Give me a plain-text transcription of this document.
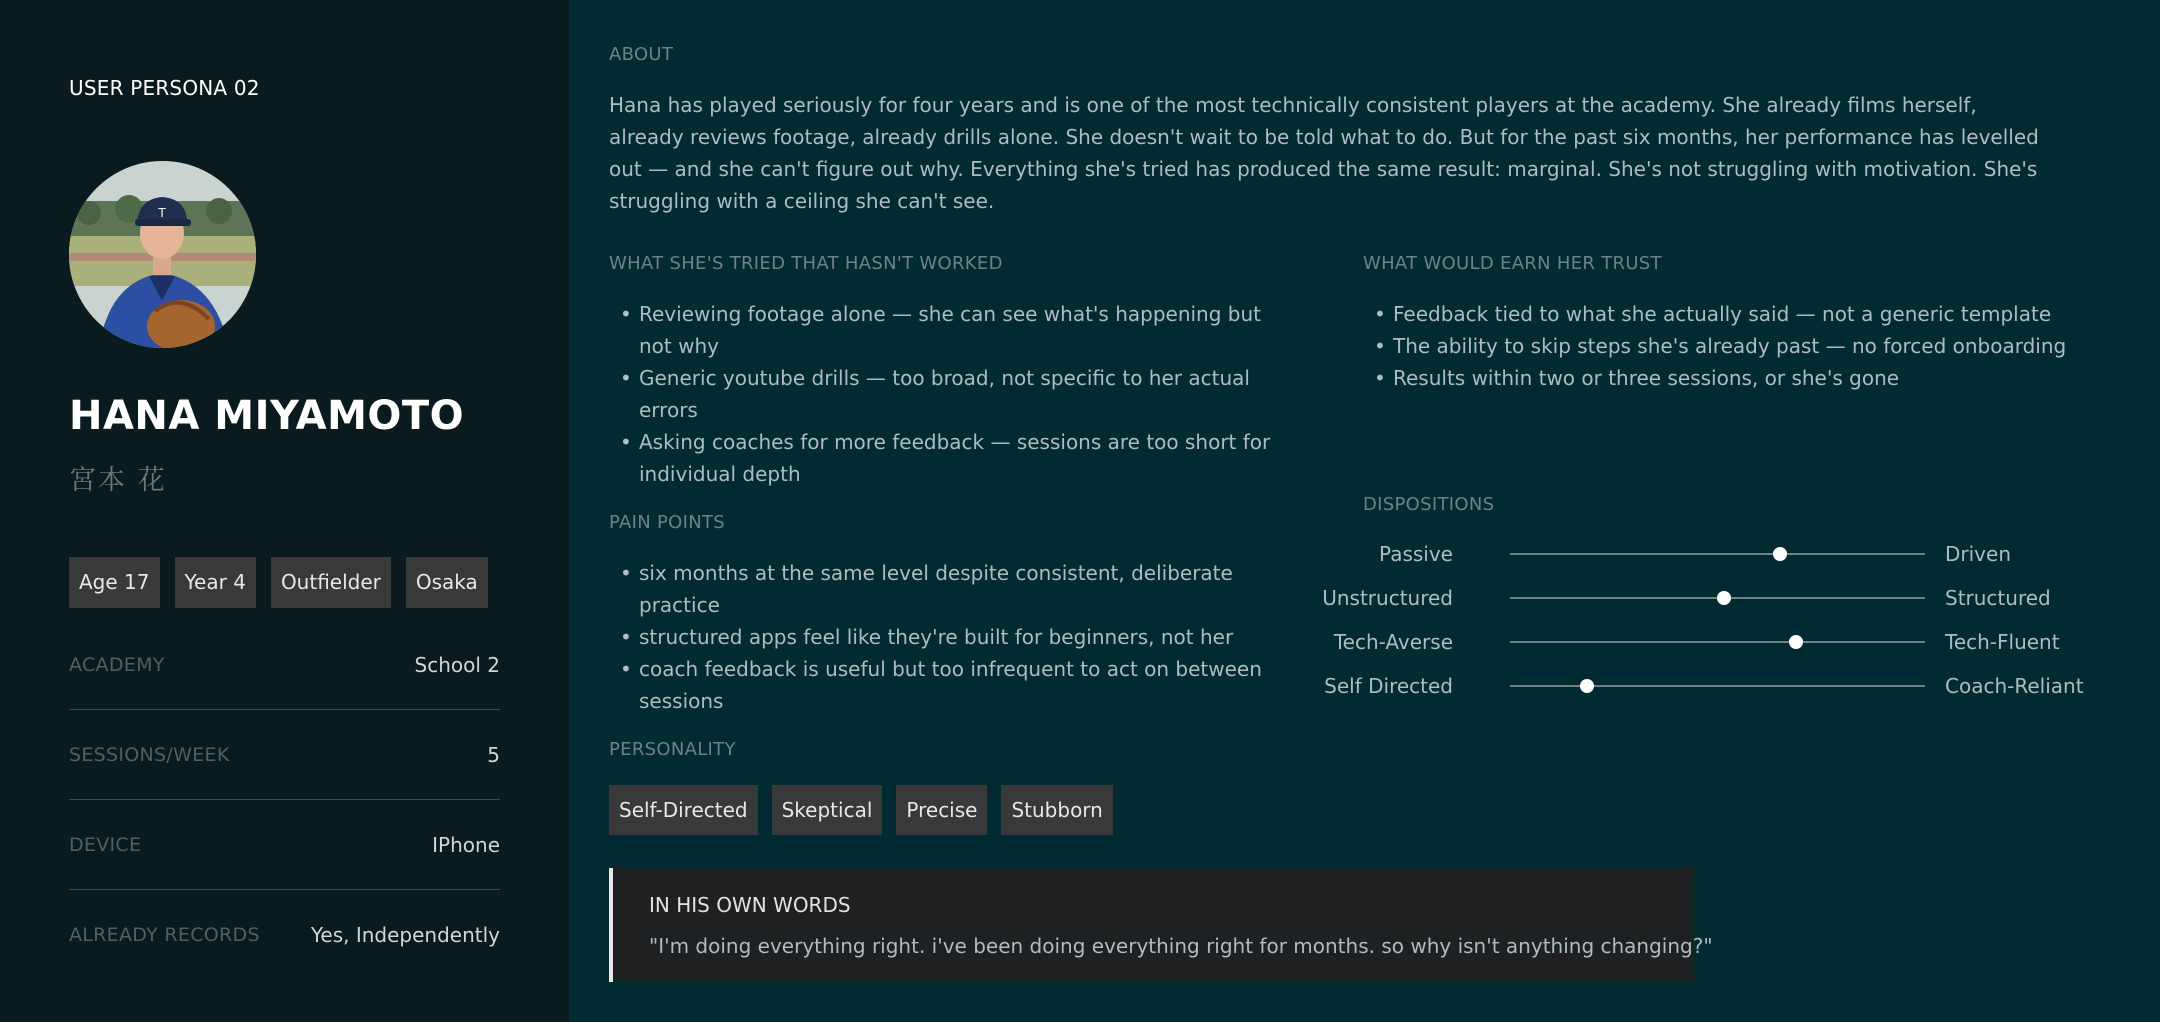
USER PERSONA 02
T
HANA MIYAMOTO
宮本 花
Age 17	Year 4	Outfielder	Osaka
ACADEMY	School 2
SESSIONS/WEEK	5
DEVICE	IPhone
ALREADY RECORDS	Yes, Independently
ABOUT

Hana has played seriously for four years and is one of the most technically consistent players at the academy. She already films herself, already reviews footage, already drills alone. She doesn't wait to be told what to do. But for the past six months, her performance has levelled out — and she can't figure out why. Everything she's tried has produced the same result: marginal. She's not struggling with motivation. She's struggling with a ceiling she can't see.

WHAT SHE'S TRIED THAT HASN'T WORKED
• Reviewing footage alone — she can see what's happening but not why
• Generic youtube drills — too broad, not specific to her actual errors
• Asking coaches for more feedback — sessions are too short for individual depth
WHAT WOULD EARN HER TRUST
• Feedback tied to what she actually said — not a generic template
• The ability to skip steps she's already past — no forced onboarding
• Results within two or three sessions, or she's gone
PAIN POINTS
• six months at the same level despite consistent, deliberate practice
• structured apps feel like they're built for beginners, not her
• coach feedback is useful but too infrequent to act on between sessions
DISPOSITIONS
Passive	Driven
Unstructured	Structured
Tech-Averse	Tech-Fluent
Self Directed	Coach-Reliant
PERSONALITY
Self-Directed	Skeptical	Precise	Stubborn
IN HIS OWN WORDS
"I'm doing everything right. i've been doing everything right for months. so why isn't anything changing?"
